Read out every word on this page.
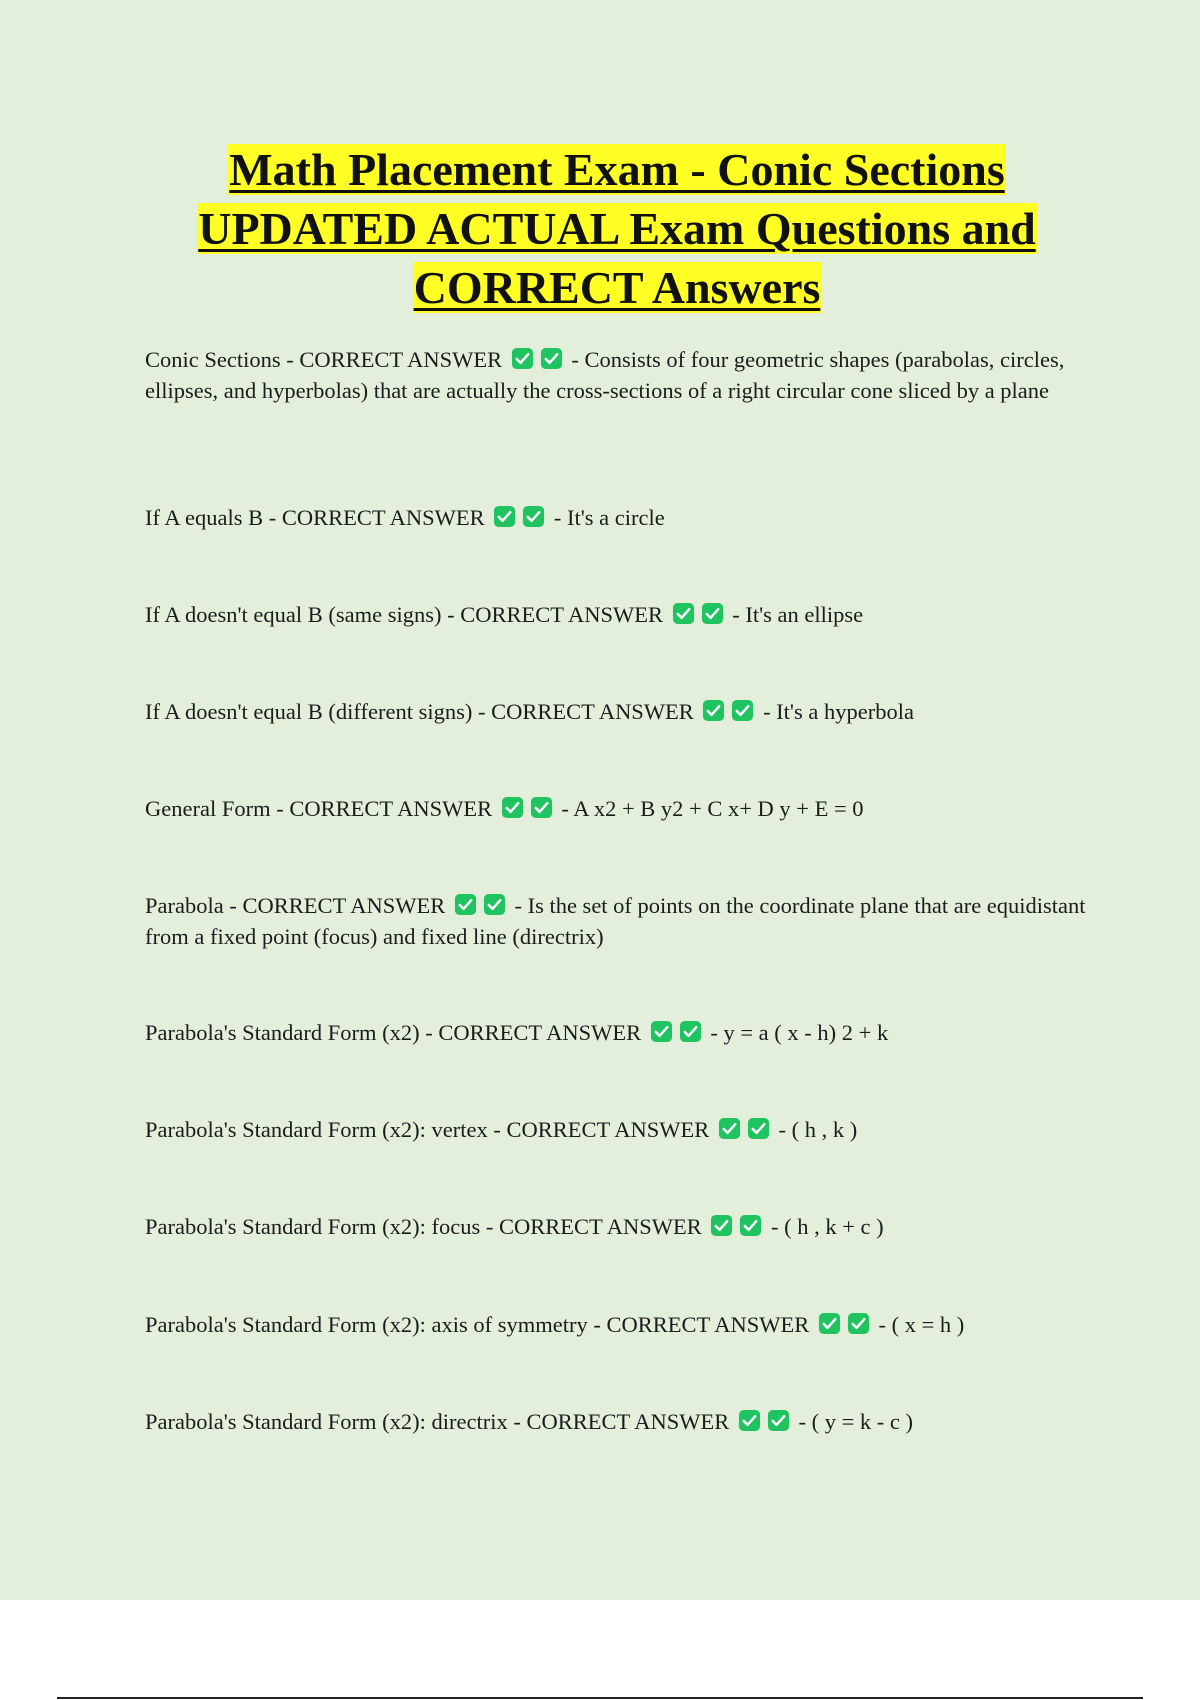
Math Placement Exam - Conic Sections
UPDATED ACTUAL Exam Questions and
CORRECT Answers

Conic Sections - CORRECT ANSWER	- Consists of four geometric shapes (parabolas, circles, ellipses, and hyperbolas) that are actually the cross-sections of a right circular cone sliced by a plane

If A equals B - CORRECT ANSWER	- It's a circle

If A doesn't equal B (same signs) - CORRECT ANSWER	- It's an ellipse

If A doesn't equal B (different signs) - CORRECT ANSWER	- It's a hyperbola

General Form - CORRECT ANSWER	- A x2 + B y2 + C x+ D y + E = 0

Parabola - CORRECT ANSWER	- Is the set of points on the coordinate plane that are equidistant from a fixed point (focus) and fixed line (directrix)

Parabola's Standard Form (x2) - CORRECT ANSWER	- y = a ( x - h) 2 + k

Parabola's Standard Form (x2): vertex - CORRECT ANSWER	- ( h , k )

Parabola's Standard Form (x2): focus - CORRECT ANSWER	- ( h , k + c )

Parabola's Standard Form (x2): axis of symmetry - CORRECT ANSWER	- ( x = h )

Parabola's Standard Form (x2): directrix - CORRECT ANSWER	- ( y = k - c )
